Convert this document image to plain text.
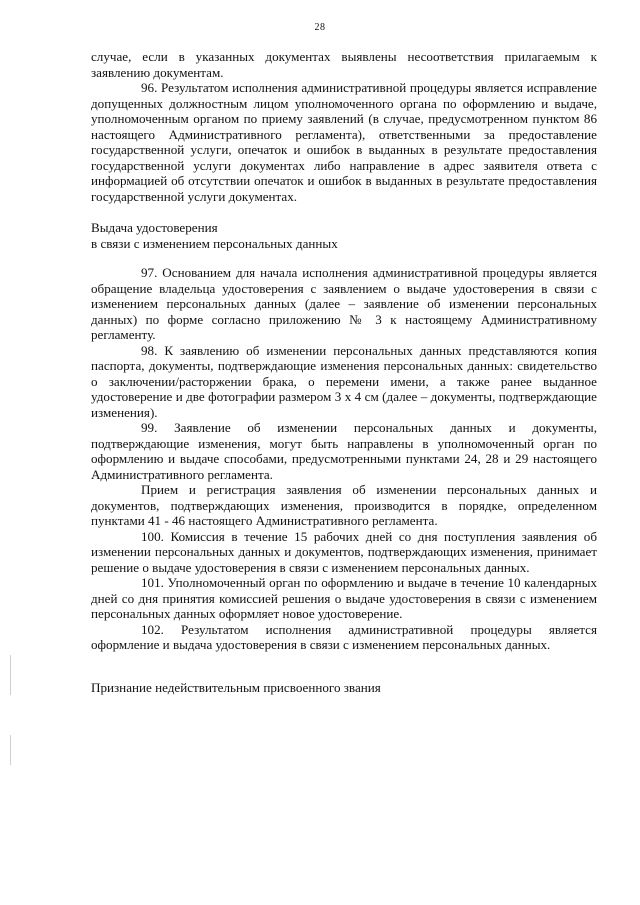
28

случае, если в указанных документах выявлены несоответствия прилагаемым к заявлению документам.

96. Результатом исполнения административной процедуры является исправление допущенных должностным лицом уполномоченного органа по оформлению и выдаче, уполномоченным органом по приему заявлений (в случае, предусмотренном пунктом 86 настоящего Административного регламента), ответственными за предоставление государственной услуги, опечаток и ошибок в выданных в результате предоставления государственной услуги документах либо направление в адрес заявителя ответа с информацией об отсутствии опечаток и ошибок в выданных в результате предоставления государственной услуги документах.

Выдача удостоверения

в связи с изменением персональных данных

97. Основанием для начала исполнения административной процедуры является обращение владельца удостоверения с заявлением о выдаче удостоверения в связи с изменением персональных данных (далее – заявление об изменении персональных данных) по форме согласно приложению № 3 к настоящему Административному регламенту.

98. К заявлению об изменении персональных данных представляются копия паспорта, документы, подтверждающие изменения персональных данных: свидетельство о заключении/расторжении брака, о перемени имени, а также ранее выданное удостоверение и две фотографии размером 3 х 4 см (далее – документы, подтверждающие изменения).

99. Заявление об изменении персональных данных и документы, подтверждающие изменения, могут быть направлены в уполномоченный орган по оформлению и выдаче способами, предусмотренными пунктами 24, 28 и 29 настоящего Административного регламента.

Прием и регистрация заявления об изменении персональных данных и документов, подтверждающих изменения, производится в порядке, определенном пунктами 41 - 46 настоящего Административного регламента.

100. Комиссия в течение 15 рабочих дней со дня поступления заявления об изменении персональных данных и документов, подтверждающих изменения, принимает решение о выдаче удостоверения в связи с изменением персональных данных.

101. Уполномоченный орган по оформлению и выдаче в течение 10 календарных дней со дня принятия комиссией решения о выдаче удостоверения в связи с изменением персональных данных оформляет новое удостоверение.

102. Результатом исполнения административной процедуры является оформление и выдача удостоверения в связи с изменением персональных данных.

Признание недействительным присвоенного звания
